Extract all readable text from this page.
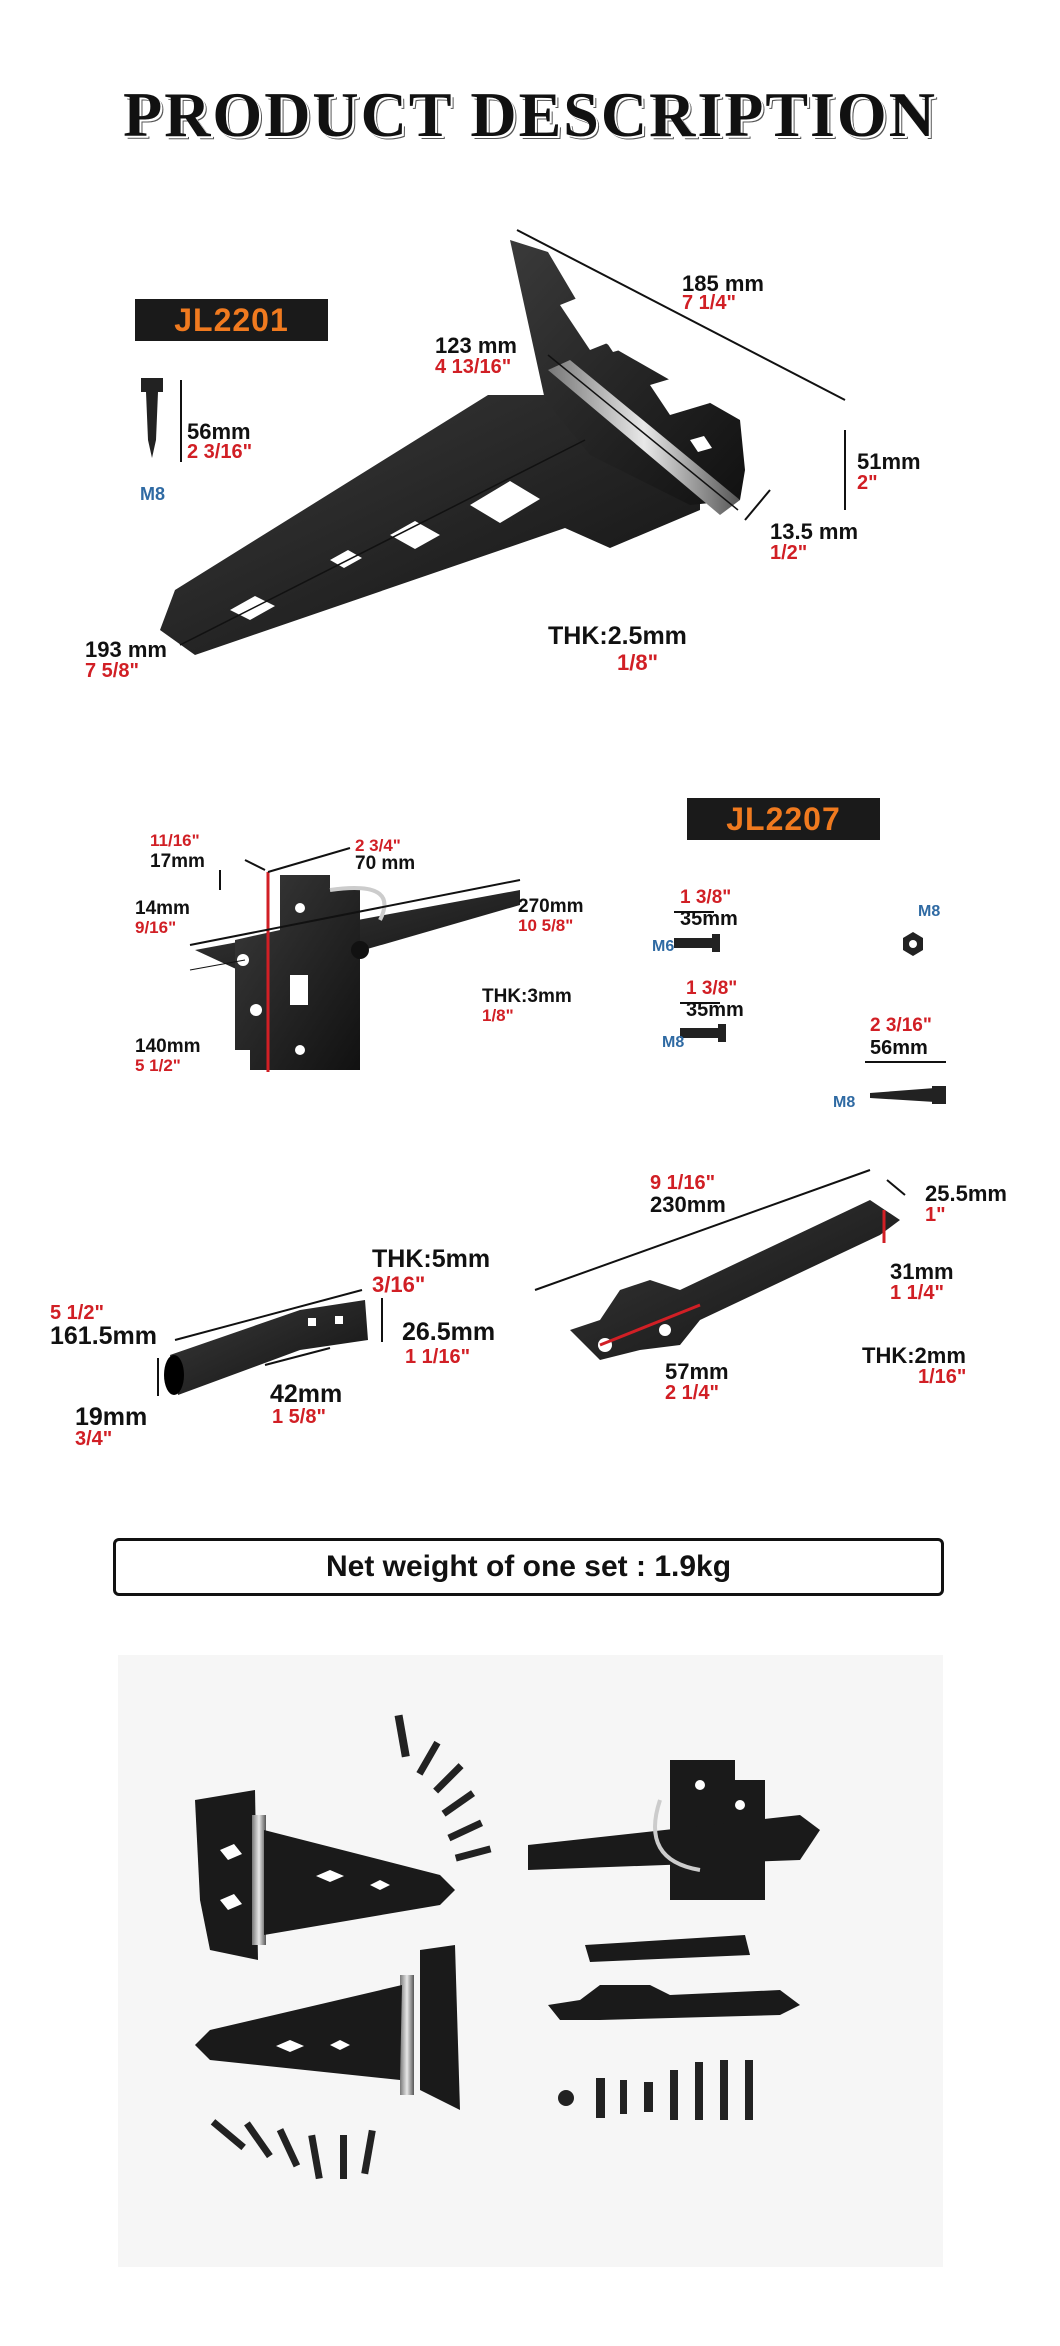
PRODUCT DESCRIPTION
JL2201
56mm
2 3/16"
M8
185 mm
7 1/4"
123 mm
4 13/16"
51mm
2"
13.5 mm
1/2"
193 mm
7 5/8"
THK:2.5mm
1/8"
11/16"
17mm
2 3/4"
70 mm
14mm
9/16"
270mm
10 5/8"
140mm
5 1/2"
THK:3mm
1/8"
JL2207
1 3/8"
35mm
M6
M8
1 3/8"
35mm
M8
2 3/16"
56mm
M8
9 1/16"
230mm	25.5mm
1"
31mm
1 1/4"
57mm
2 1/4"
THK:2mm
1/16"
THK:5mm
3/16"
5 1/2"
161.5mm	26.5mm
1 1/16"
42mm
1 5/8"
19mm
3/4"
Net weight of one set : 1.9kg
